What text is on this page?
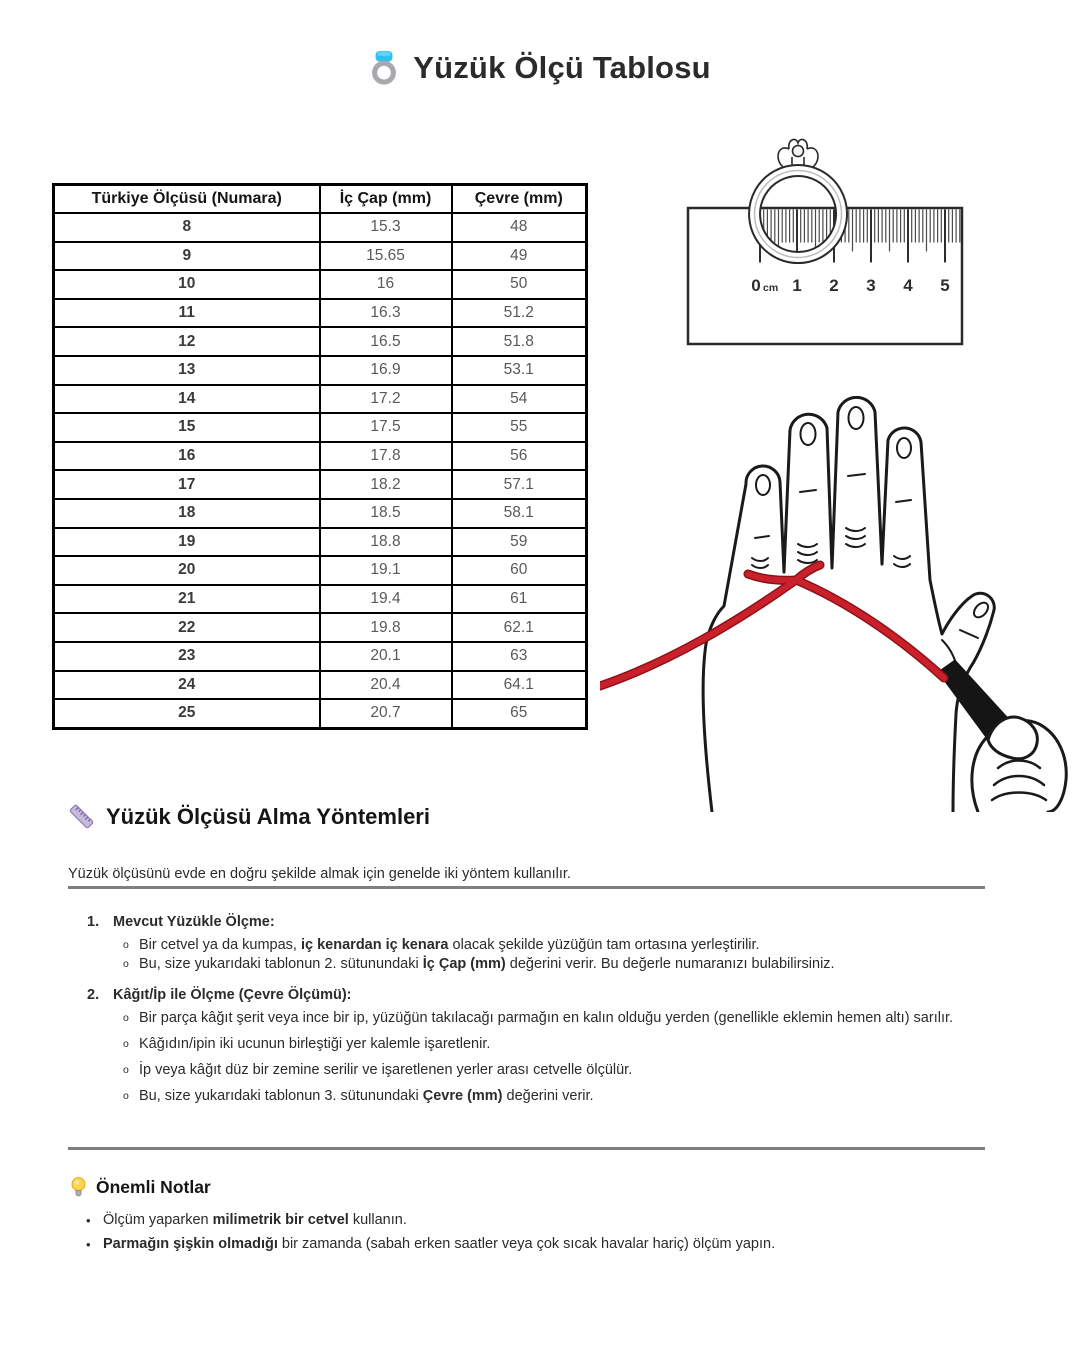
Yüzük Ölçü Tablosu
Türkiye Ölçüsü (Numara)	İç Çap (mm)	Çevre (mm)
8	15.3	48
9	15.65	49
10	16	50
11	16.3	51.2
12	16.5	51.8
13	16.9	53.1
14	17.2	54
15	17.5	55
16	17.8	56
17	18.2	57.1
18	18.5	58.1
19	18.8	59
20	19.1	60
21	19.4	61
22	19.8	62.1
23	20.1	63
24	20.4	64.1
25	20.7	65
0 cm 1 2 3 4 5
Yüzük Ölçüsü Alma Yöntemleri

Yüzük ölçüsünü evde en doğru şekilde almak için genelde iki yöntem kullanılır.

1. Mevcut Yüzükle Ölçme:
o Bir cetvel ya da kumpas, iç kenardan iç kenara olacak şekilde yüzüğün tam ortasına yerleştirilir.
o Bu, size yukarıdaki tablonun 2. sütunundaki İç Çap (mm) değerini verir. Bu değerle numaranızı bulabilirsiniz.
2. Kâğıt/İp ile Ölçme (Çevre Ölçümü):
o Bir parça kâğıt şerit veya ince bir ip, yüzüğün takılacağı parmağın en kalın olduğu yerden (genellikle eklemin hemen altı) sarılır.
o Kâğıdın/ipin iki ucunun birleştiği yer kalemle işaretlenir.
o İp veya kâğıt düz bir zemine serilir ve işaretlenen yerler arası cetvelle ölçülür.
o Bu, size yukarıdaki tablonun 3. sütunundaki Çevre (mm) değerini verir.
Önemli Notlar
• Ölçüm yaparken milimetrik bir cetvel kullanın.
• Parmağın şişkin olmadığı bir zamanda (sabah erken saatler veya çok sıcak havalar hariç) ölçüm yapın.
